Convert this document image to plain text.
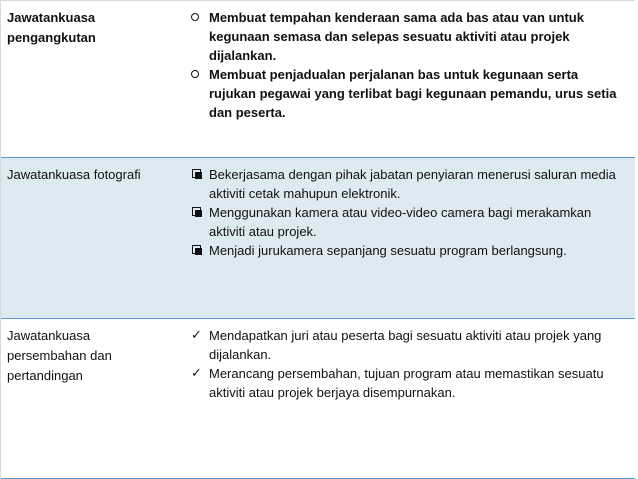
Jawatankuasa pengangkutan
Membuat tempahan kenderaan sama ada bas atau van untuk kegunaan semasa dan selepas sesuatu aktiviti atau projek dijalankan.
Membuat penjadualan perjalanan bas untuk kegunaan serta rujukan pegawai yang terlibat bagi kegunaan pemandu, urus setia dan peserta.
Jawatankuasa fotografi	Bekerjasama dengan pihak jabatan penyiaran menerusi saluran media aktiviti cetak mahupun elektronik.
Menggunakan kamera atau video-video camera bagi merakamkan aktiviti atau projek.
Menjadi jurukamera sepanjang sesuatu program berlangsung.
Jawatankuasa persembahan dan pertandingan
✓ Mendapatkan juri atau peserta bagi sesuatu aktiviti atau projek yang dijalankan.
✓ Merancang persembahan, tujuan program atau memastikan sesuatu aktiviti atau projek berjaya disempurnakan.
